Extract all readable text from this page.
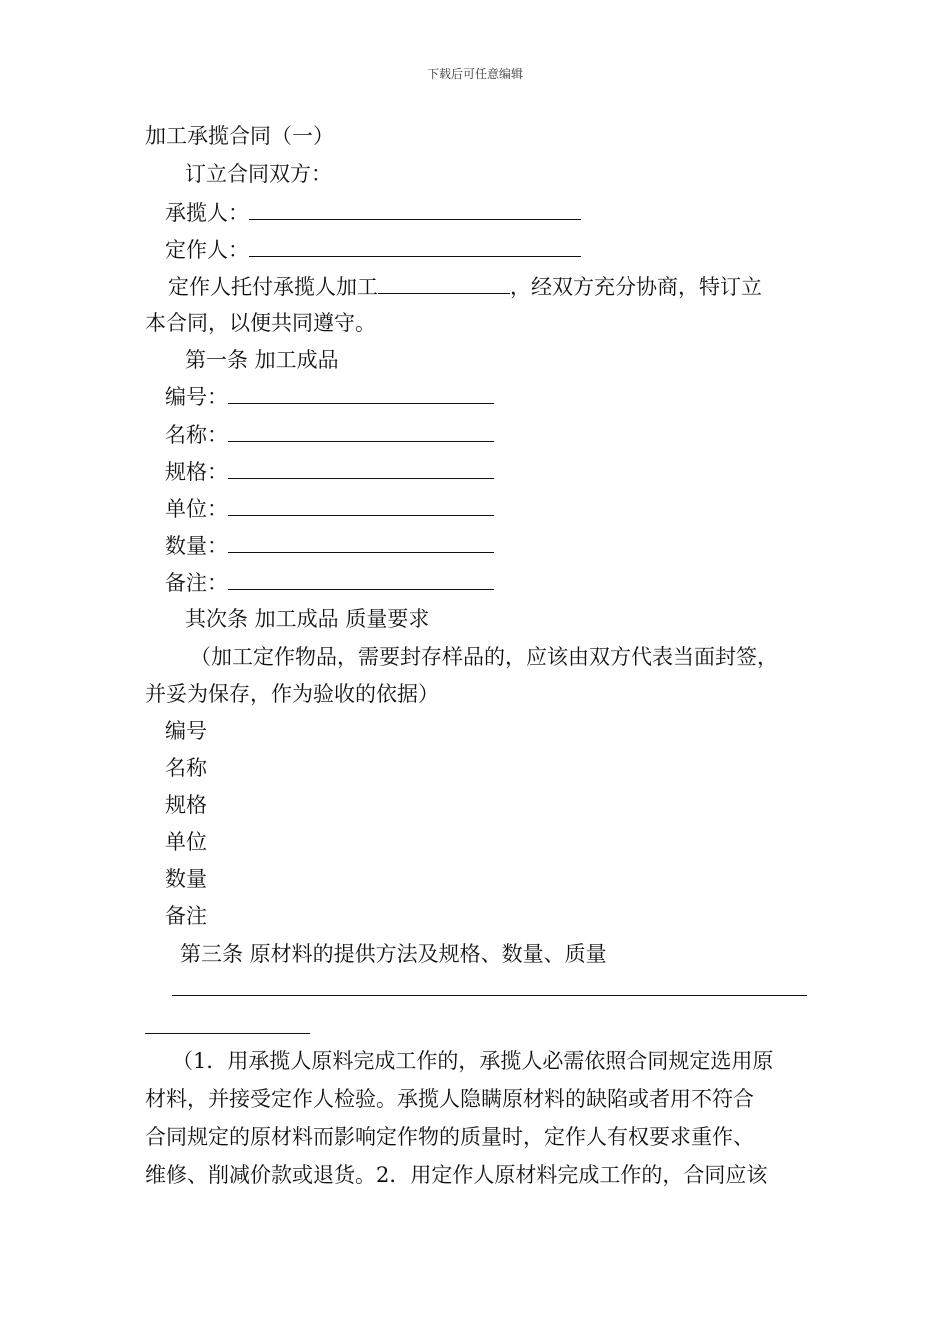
下载后可任意编辑
加工承揽合同（一）
订立合同双方：
承揽人：
定作人：
定作人托付承揽人加工	，经双方充分协商，特订立
本合同，以便共同遵守。
第一条 加工成品
编号：
名称：
规格：
单位：
数量：
备注：
其次条 加工成品 质量要求
（加工定作物品，需要封存样品的，应该由双方代表当面封签，
并妥为保存，作为验收的依据）
编号
名称
规格
单位
数量
备注
第三条 原材料的提供方法及规格、数量、质量
（1．用承揽人原料完成工作的，承揽人必需依照合同规定选用原
材料，并接受定作人检验。承揽人隐瞒原材料的缺陷或者用不符合
合同规定的原材料而影响定作物的质量时，定作人有权要求重作、
维修、削减价款或退货。2．用定作人原材料完成工作的，合同应该
